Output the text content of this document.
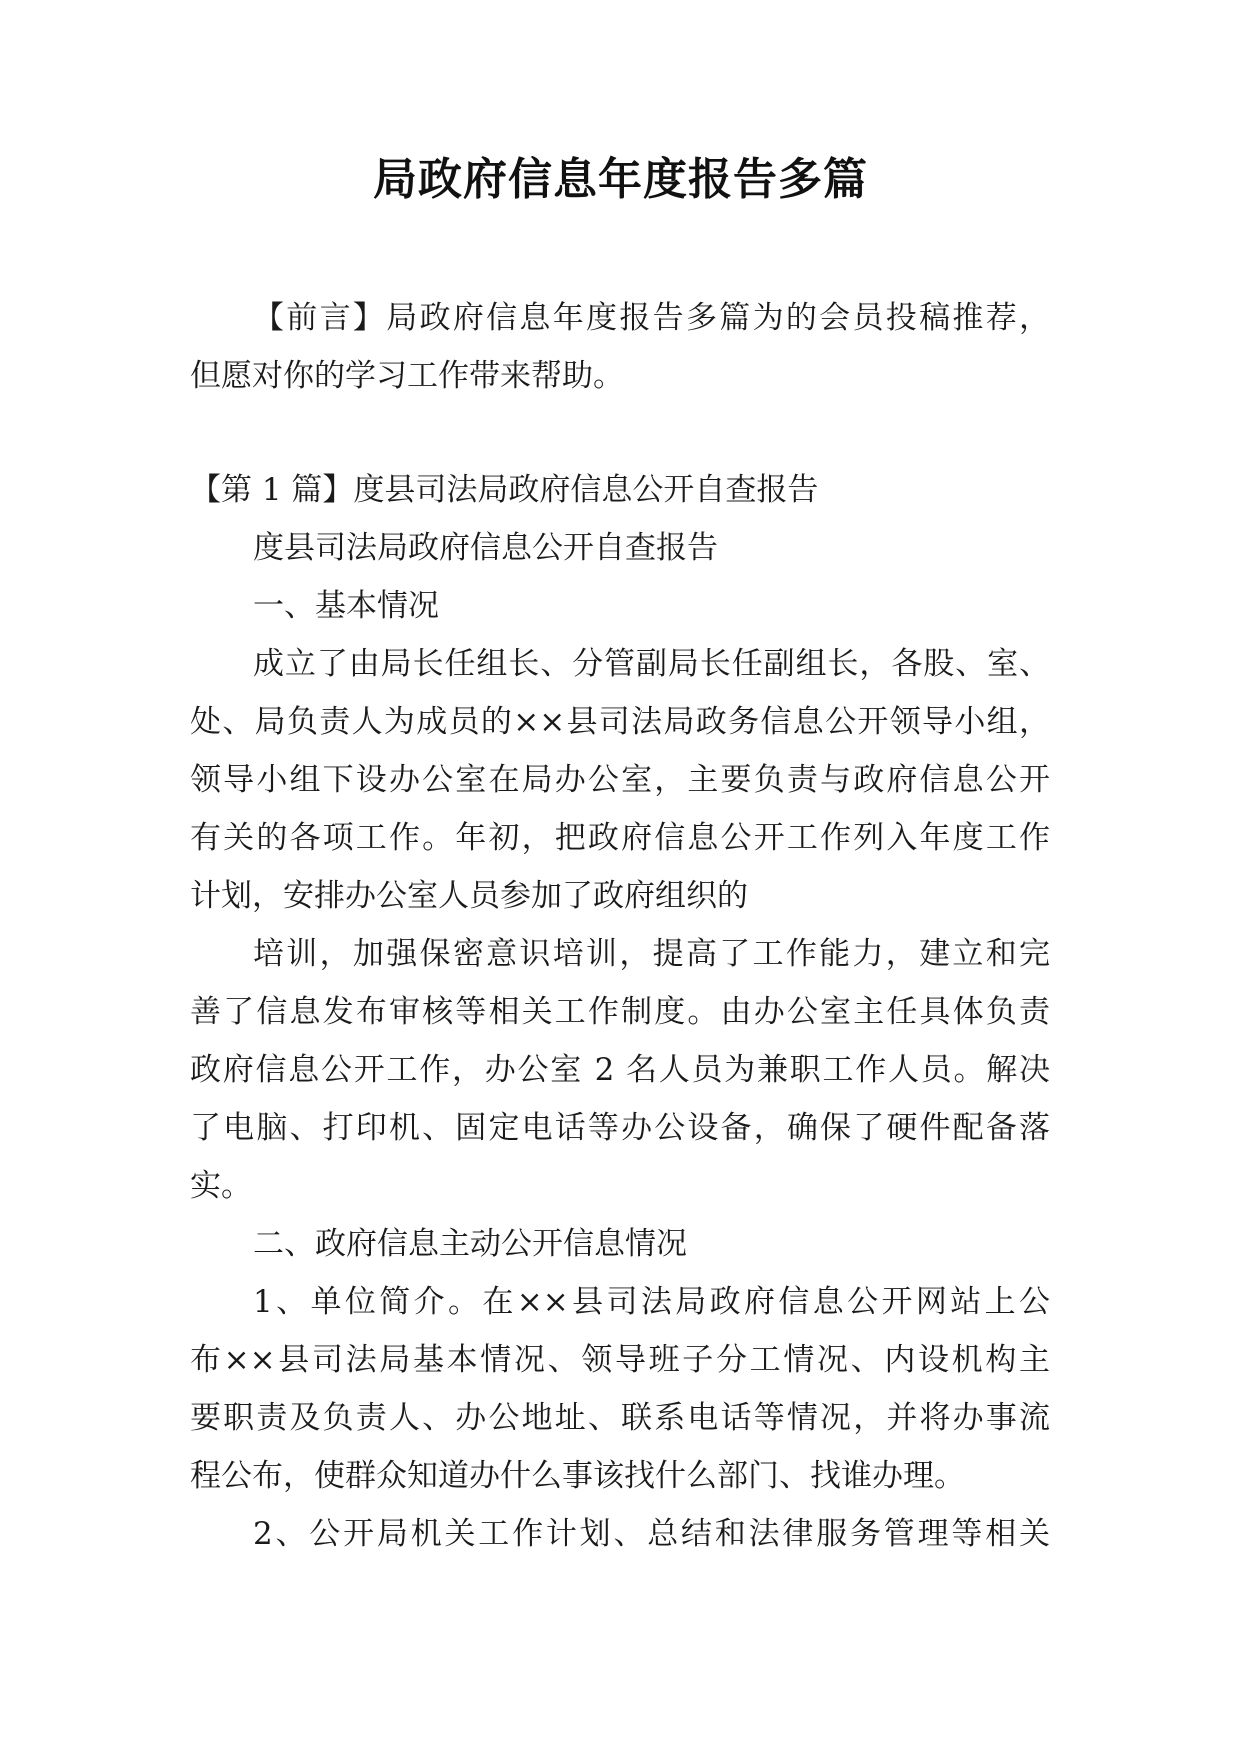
局政府信息年度报告多篇
【前言】局政府信息年度报告多篇为的会员投稿推荐，
但愿对你的学习工作带来帮助。
【第 1 篇】度县司法局政府信息公开自查报告
度县司法局政府信息公开自查报告
一、基本情况
成立了由局长任组长、分管副局长任副组长，各股、室、
处、局负责人为成员的××县司法局政务信息公开领导小组，
领导小组下设办公室在局办公室，主要负责与政府信息公开
有关的各项工作。年初，把政府信息公开工作列入年度工作
计划，安排办公室人员参加了政府组织的
培训，加强保密意识培训，提高了工作能力，建立和完
善了信息发布审核等相关工作制度。由办公室主任具体负责
政府信息公开工作，办公室 2 名人员为兼职工作人员。解决
了电脑、打印机、固定电话等办公设备，确保了硬件配备落
实。
二、政府信息主动公开信息情况
1、单位简介。在××县司法局政府信息公开网站上公
布××县司法局基本情况、领导班子分工情况、内设机构主
要职责及负责人、办公地址、联系电话等情况，并将办事流
程公布，使群众知道办什么事该找什么部门、找谁办理。
2、公开局机关工作计划、总结和法律服务管理等相关
